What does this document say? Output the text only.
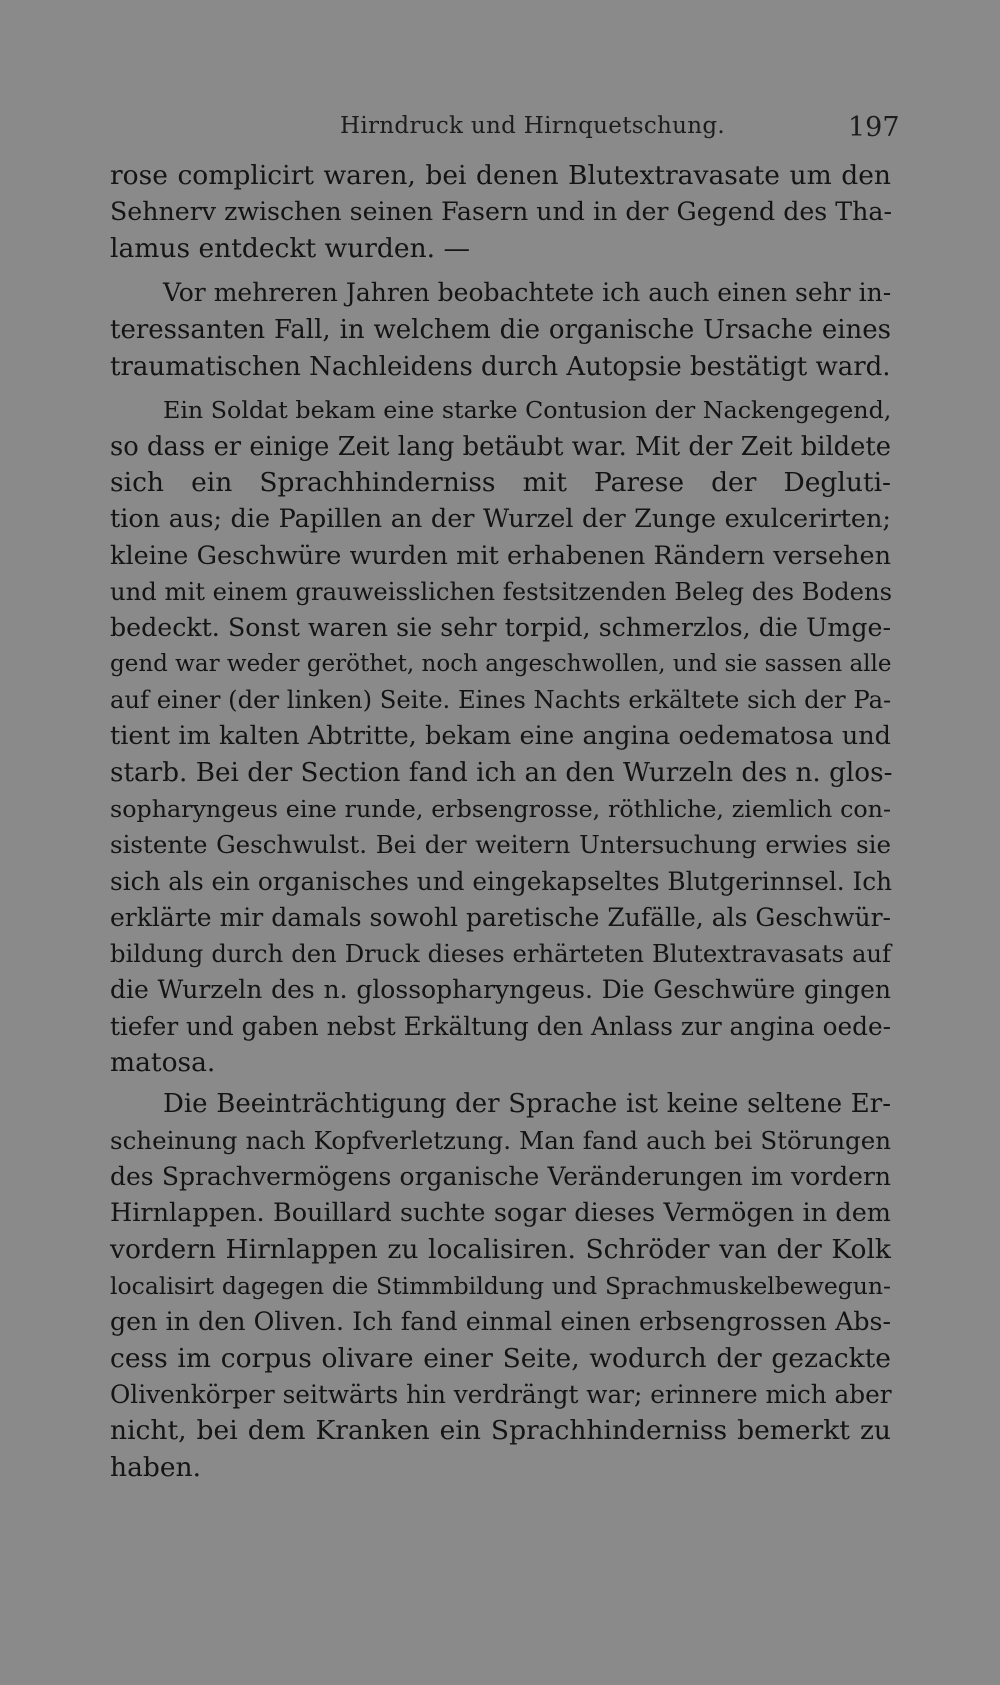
Hirndruck und Hirnquetschung.	197
rose complicirt waren, bei denen Blutextravasate um den
Sehnerv zwischen seinen Fasern und in der Gegend des Tha-
lamus entdeckt wurden. —
Vor mehreren Jahren beobachtete ich auch einen sehr in-
teressanten Fall, in welchem die organische Ursache eines
traumatischen Nachleidens durch Autopsie bestätigt ward.
Ein Soldat bekam eine starke Contusion der Nackengegend,
so dass er einige Zeit lang betäubt war. Mit der Zeit bildete
sich ein Sprachhinderniss mit Parese der Degluti-
tion aus; die Papillen an der Wurzel der Zunge exulcerirten;
kleine Geschwüre wurden mit erhabenen Rändern versehen
und mit einem grauweisslichen festsitzenden Beleg des Bodens
bedeckt. Sonst waren sie sehr torpid, schmerzlos, die Umge-
gend war weder geröthet, noch angeschwollen, und sie sassen alle
auf einer (der linken) Seite. Eines Nachts erkältete sich der Pa-
tient im kalten Abtritte, bekam eine angina oedematosa und
starb. Bei der Section fand ich an den Wurzeln des n. glos-
sopharyngeus eine runde, erbsengrosse, röthliche, ziemlich con-
sistente Geschwulst. Bei der weitern Untersuchung erwies sie
sich als ein organisches und eingekapseltes Blutgerinnsel. Ich
erklärte mir damals sowohl paretische Zufälle, als Geschwür-
bildung durch den Druck dieses erhärteten Blutextravasats auf
die Wurzeln des n. glossopharyngeus. Die Geschwüre gingen
tiefer und gaben nebst Erkältung den Anlass zur angina oede-
matosa.
Die Beeinträchtigung der Sprache ist keine seltene Er-
scheinung nach Kopfverletzung. Man fand auch bei Störungen
des Sprachvermögens organische Veränderungen im vordern
Hirnlappen. Bouillard suchte sogar dieses Vermögen in dem
vordern Hirnlappen zu localisiren. Schröder van der Kolk
localisirt dagegen die Stimmbildung und Sprachmuskelbewegun-
gen in den Oliven. Ich fand einmal einen erbsengrossen Abs-
cess im corpus olivare einer Seite, wodurch der gezackte
Olivenkörper seitwärts hin verdrängt war; erinnere mich aber
nicht, bei dem Kranken ein Sprachhinderniss bemerkt zu
haben.
